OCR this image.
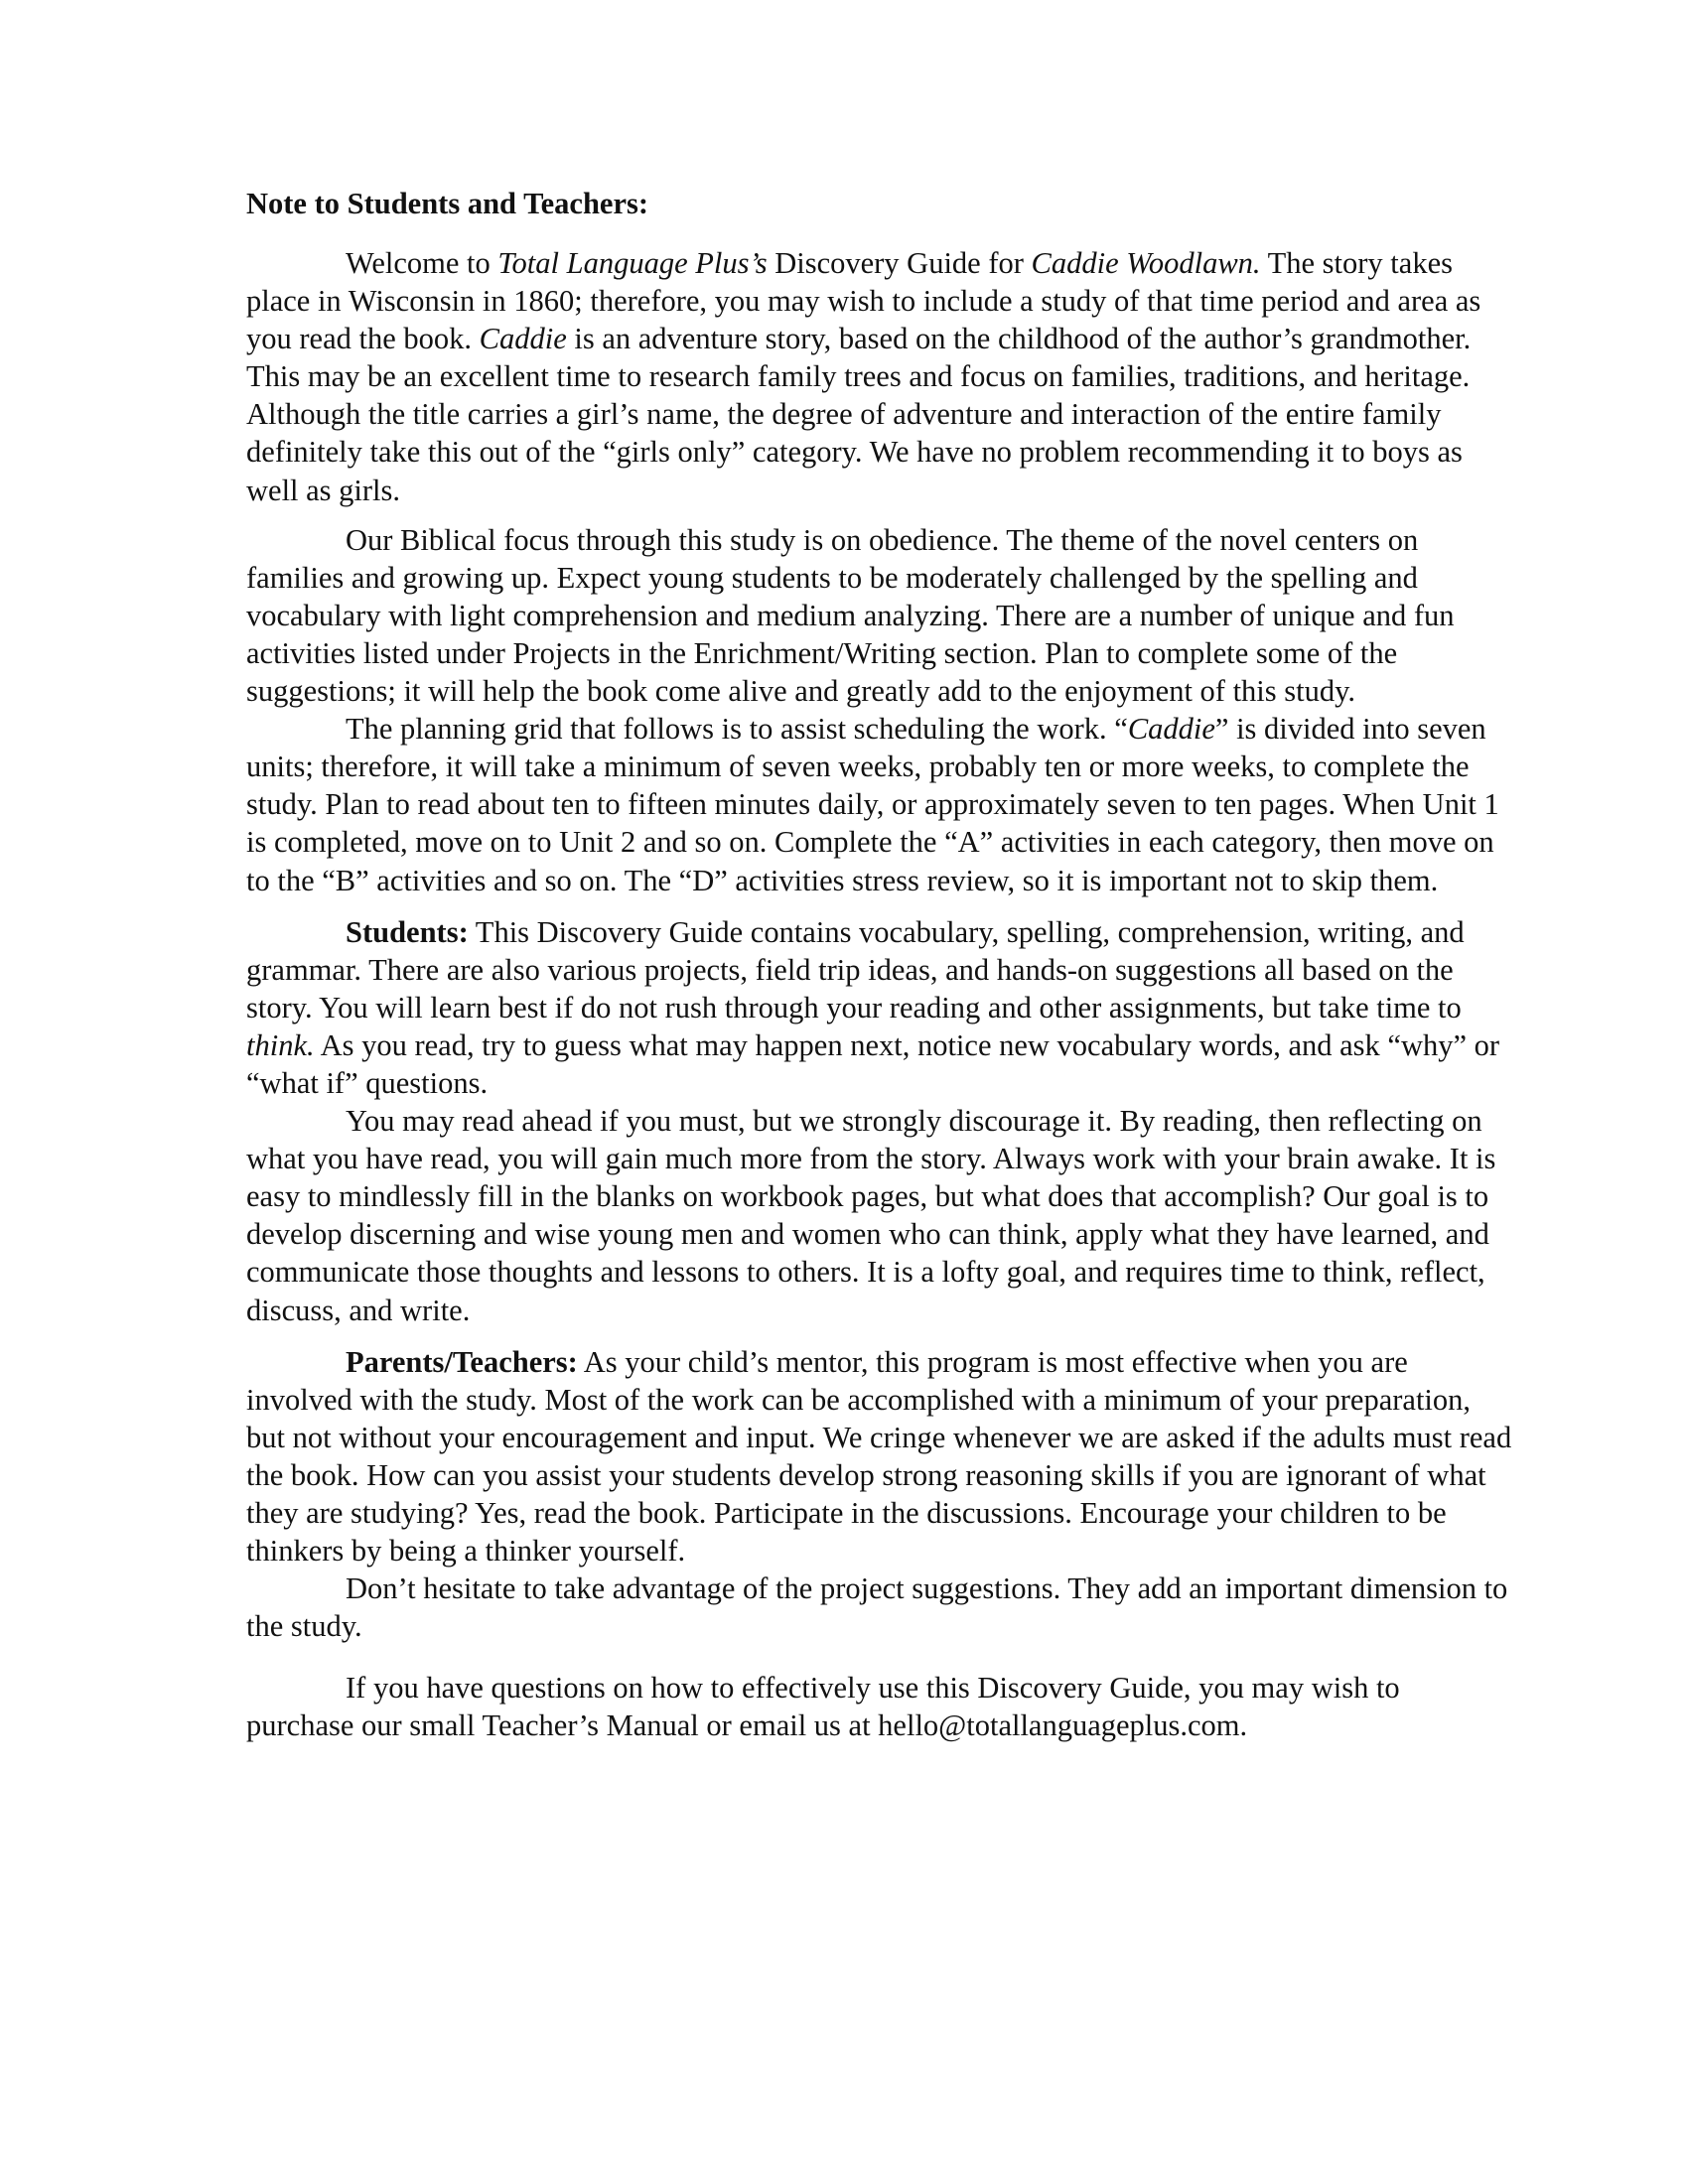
Note to Students and Teachers:

Welcome to Total Language Plus’s Discovery Guide for Caddie Woodlawn. The story takes place in Wisconsin in 1860; therefore, you may wish to include a study of that time period and area as you read the book. Caddie is an adventure story, based on the childhood of the author’s grandmother. This may be an excellent time to research family trees and focus on families, traditions, and heritage. Although the title carries a girl’s name, the degree of adventure and interaction of the entire family definitely take this out of the “girls only” category. We have no problem recommending it to boys as well as girls.

Our Biblical focus through this study is on obedience. The theme of the novel centers on families and growing up. Expect young students to be moderately challenged by the spelling and vocabulary with light comprehension and medium analyzing. There are a number of unique and fun activities listed under Projects in the Enrichment/Writing section. Plan to complete some of the suggestions; it will help the book come alive and greatly add to the enjoyment of this study.

The planning grid that follows is to assist scheduling the work. “Caddie” is divided into seven units; therefore, it will take a minimum of seven weeks, probably ten or more weeks, to complete the study. Plan to read about ten to fifteen minutes daily, or approximately seven to ten pages. When Unit 1 is completed, move on to Unit 2 and so on. Complete the “A” activities in each category, then move on to the “B” activities and so on. The “D” activities stress review, so it is important not to skip them.

Students: This Discovery Guide contains vocabulary, spelling, comprehension, writing, and grammar. There are also various projects, field trip ideas, and hands-on suggestions all based on the story. You will learn best if do not rush through your reading and other assignments, but take time to think. As you read, try to guess what may happen next, notice new vocabulary words, and ask “why” or “what if” questions.

You may read ahead if you must, but we strongly discourage it. By reading, then reflecting on what you have read, you will gain much more from the story. Always work with your brain awake. It is easy to mindlessly fill in the blanks on workbook pages, but what does that accomplish? Our goal is to develop discerning and wise young men and women who can think, apply what they have learned, and communicate those thoughts and lessons to others. It is a lofty goal, and requires time to think, reflect, discuss, and write.

Parents/Teachers: As your child’s mentor, this program is most effective when you are involved with the study. Most of the work can be accomplished with a minimum of your preparation, but not without your encouragement and input. We cringe whenever we are asked if the adults must read the book. How can you assist your students develop strong reasoning skills if you are ignorant of what they are studying? Yes, read the book. Participate in the discussions. Encourage your children to be thinkers by being a thinker yourself.

Don’t hesitate to take advantage of the project suggestions. They add an important dimension to the study.

If you have questions on how to effectively use this Discovery Guide, you may wish to purchase our small Teacher’s Manual or email us at hello@totallanguageplus.com.
